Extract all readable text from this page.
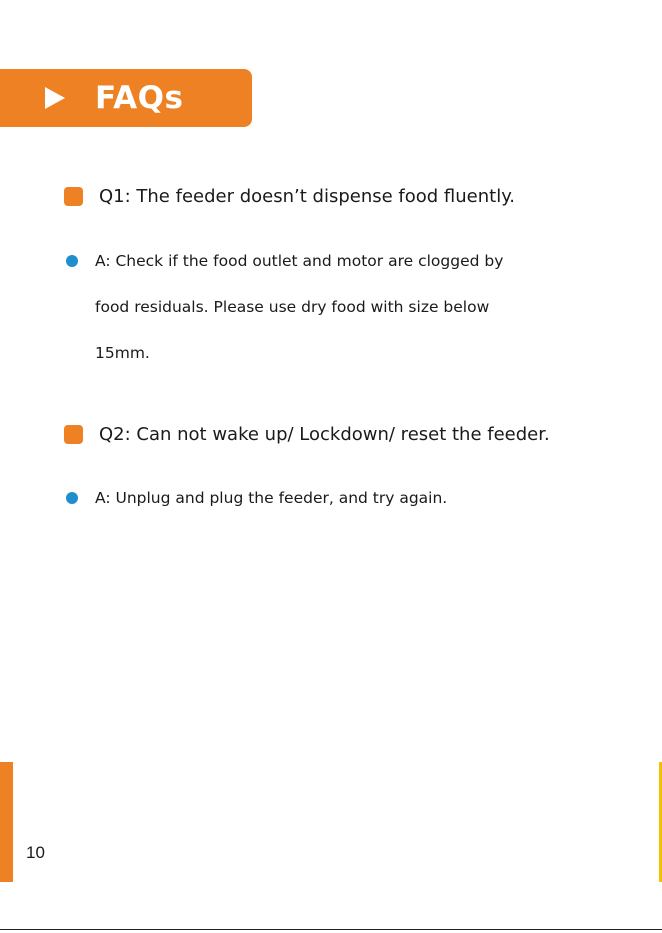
FAQs
Q1: The feeder doesn’t dispense food fluently.
A: Check if the food outlet and motor are clogged by
food residuals. Please use dry food with size below
15mm.
Q2: Can not wake up/ Lockdown/ reset the feeder.
A: Unplug and plug the feeder, and try again.
10
